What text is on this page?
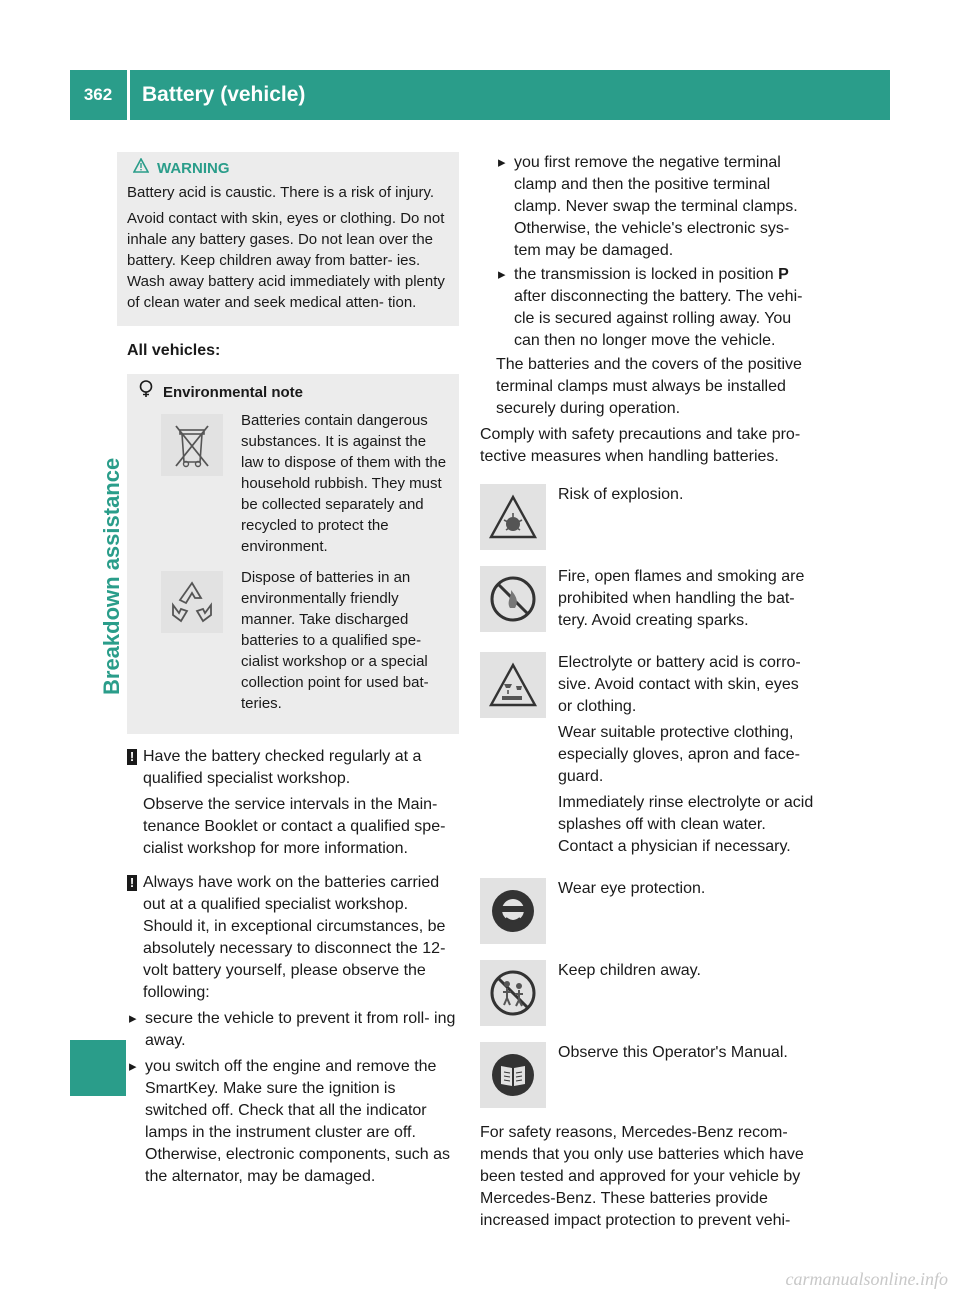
362	Battery (vehicle)
Breakdown assistance
WARNING

Battery acid is caustic. There is a risk of injury.

Avoid contact with skin, eyes or clothing. Do not inhale any battery gases. Do not lean over the battery. Keep children away from batter- ies. Wash away battery acid immediately with plenty of clean water and seek medical atten- tion.

All vehicles:
Environmental note
Batteries contain dangerous substances. It is against the law to dispose of them with the household rubbish. They must be collected separately and recycled to protect the environment.
Dispose of batteries in an environmentally friendly manner. Take discharged batteries to a qualified spe- cialist workshop or a special collection point for used bat- teries.
! Have the battery checked regularly at a qualified specialist workshop.

Observe the service intervals in the Main- tenance Booklet or contact a qualified spe- cialist workshop for more information.

! Always have work on the batteries carried out at a qualified specialist workshop. Should it, in exceptional circumstances, be absolutely necessary to disconnect the 12- volt battery yourself, please observe the following:

▸ secure the vehicle to prevent it from roll- ing away.
▸ you switch off the engine and remove the SmartKey. Make sure the ignition is switched off. Check that all the indicator lamps in the instrument cluster are off. Otherwise, electronic components, such as the alternator, may be damaged.
▸ you first remove the negative terminal clamp and then the positive terminal clamp. Never swap the terminal clamps. Otherwise, the vehicle's electronic sys- tem may be damaged.
▸ the transmission is locked in position P after disconnecting the battery. The vehi- cle is secured against rolling away. You can then no longer move the vehicle.

The batteries and the covers of the positive terminal clamps must always be installed securely during operation.

Comply with safety precautions and take pro- tective measures when handling batteries.

Risk of explosion.

Fire, open flames and smoking are prohibited when handling the bat- tery. Avoid creating sparks.

Electrolyte or battery acid is corro- sive. Avoid contact with skin, eyes or clothing.

Wear suitable protective clothing, especially gloves, apron and face- guard.

Immediately rinse electrolyte or acid splashes off with clean water. Contact a physician if necessary.

Wear eye protection.

Keep children away.

Observe this Operator's Manual.

For safety reasons, Mercedes-Benz recom- mends that you only use batteries which have been tested and approved for your vehicle by Mercedes-Benz. These batteries provide increased impact protection to prevent vehi-

carmanualsonline.info
